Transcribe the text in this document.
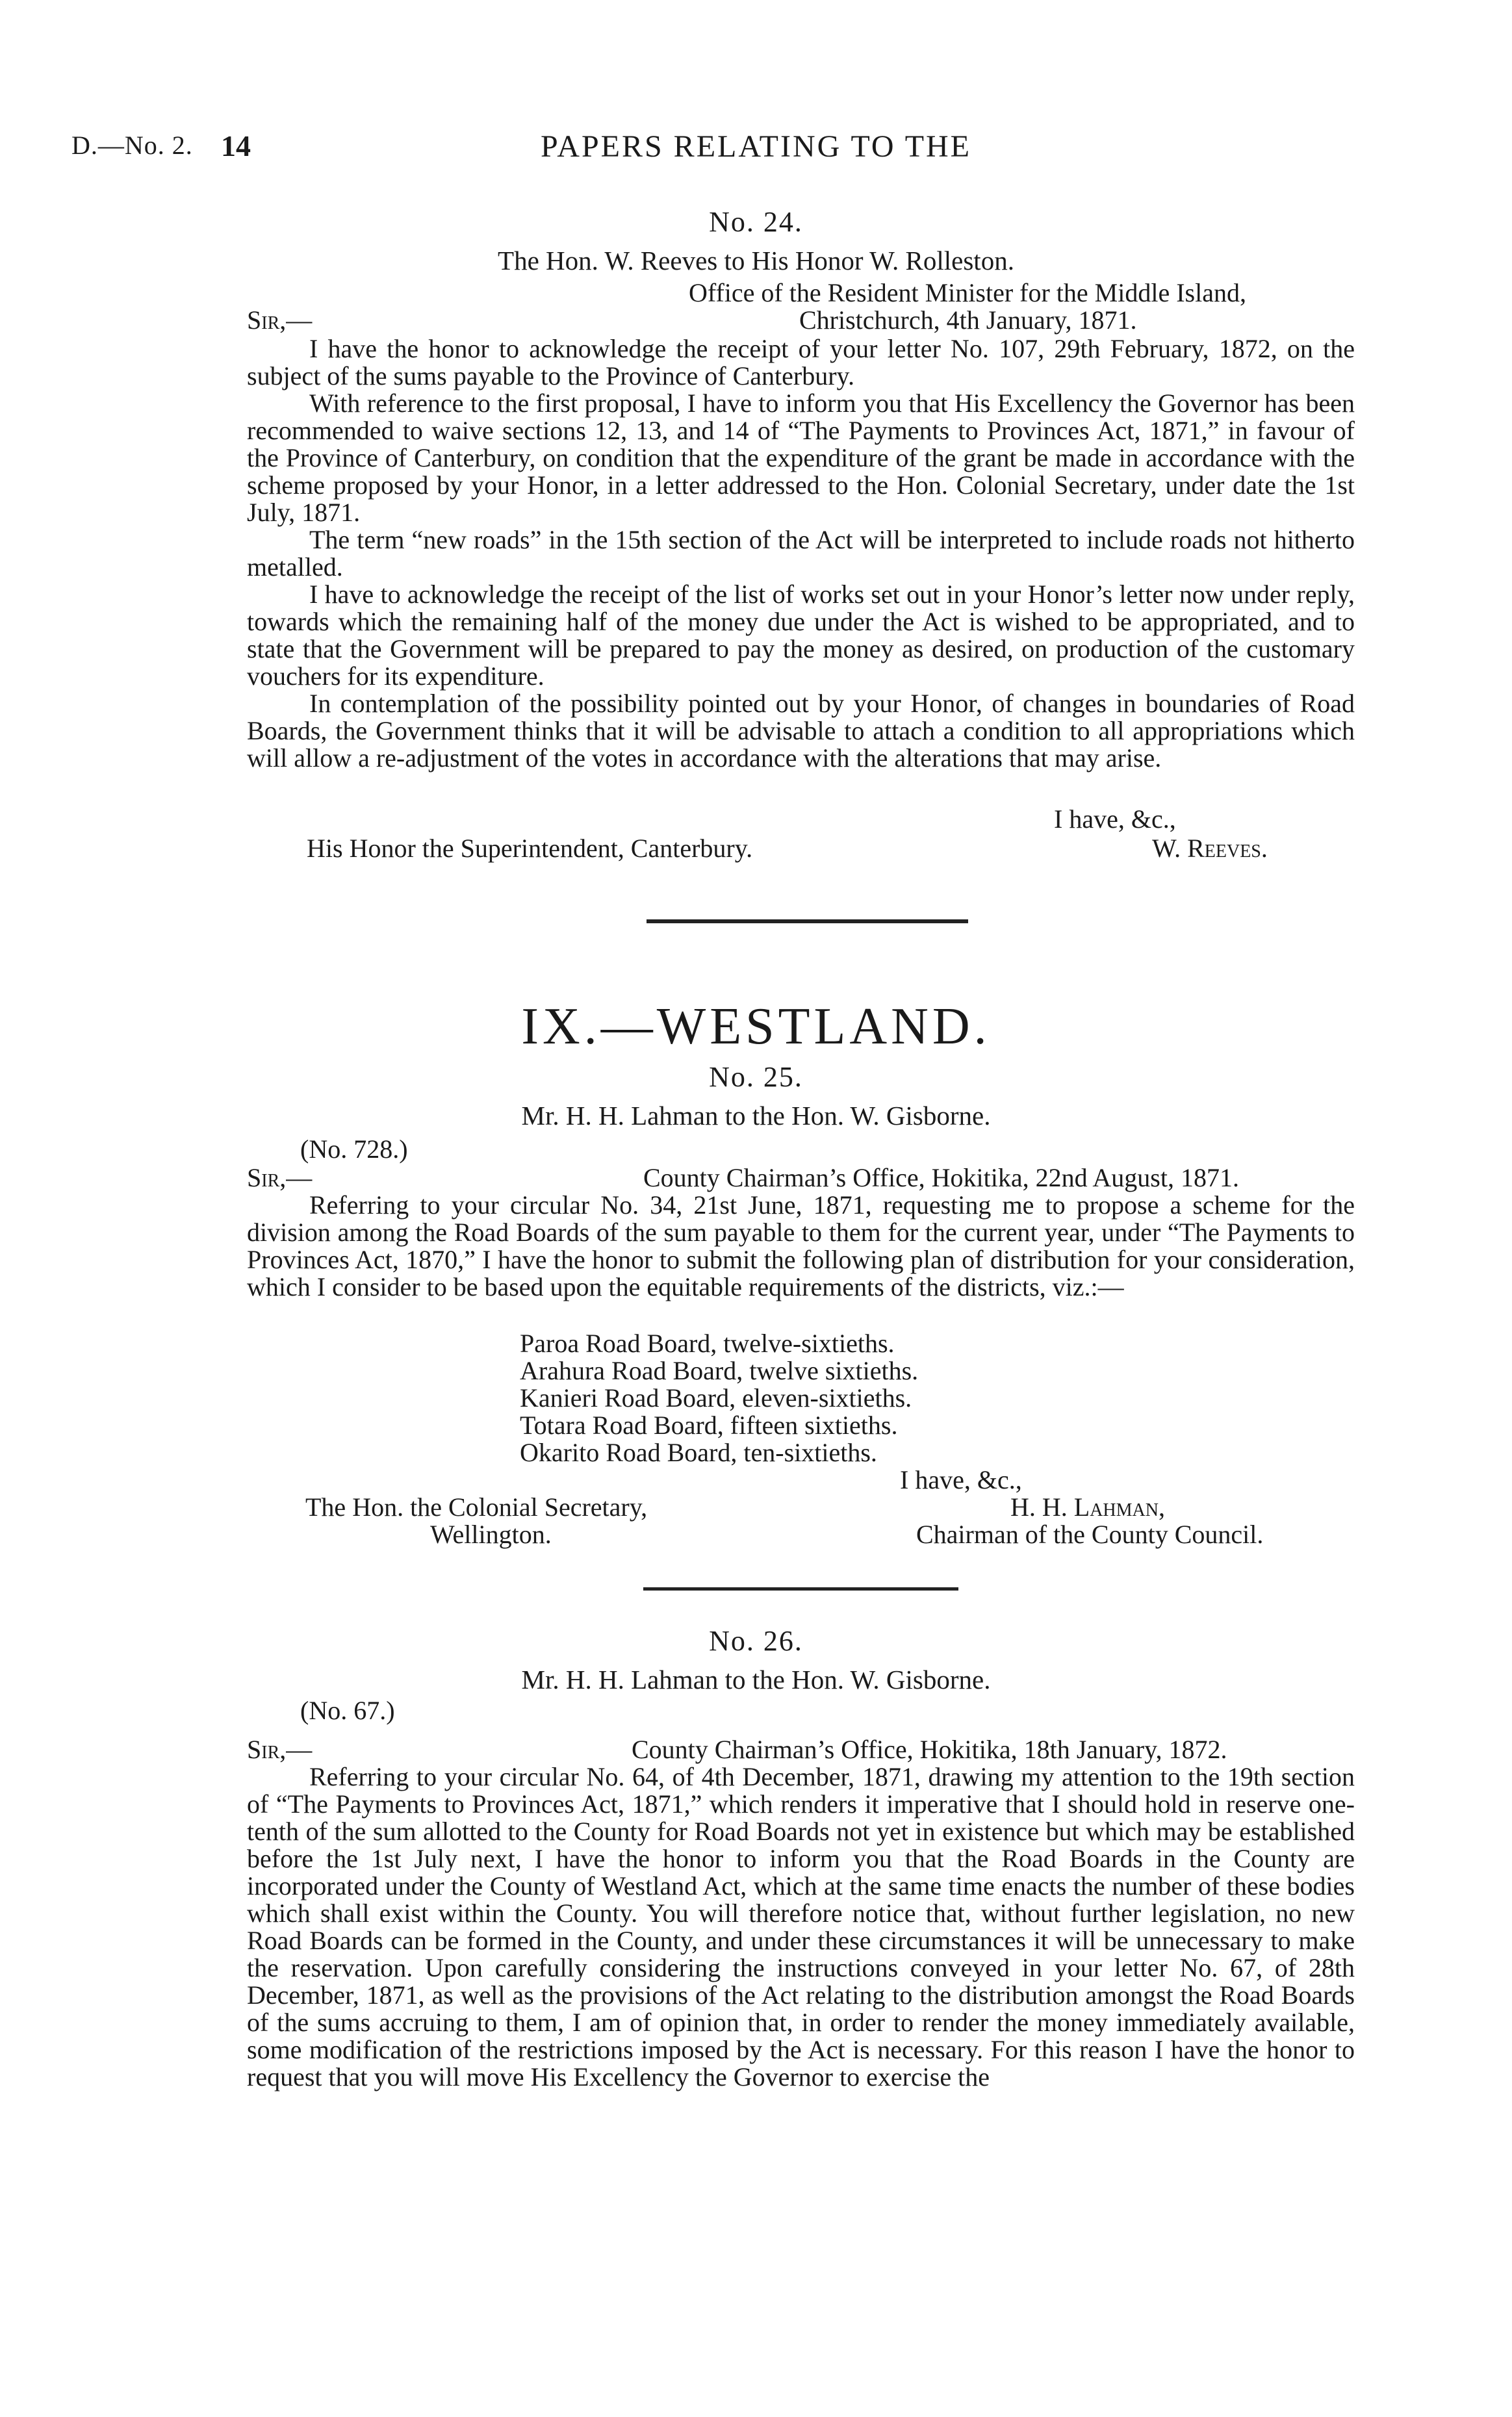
D.—No. 2. 14	PAPERS RELATING TO THE
No. 24.
The Hon. W. Reeves to His Honor W. Rolleston.
Office of the Resident Minister for the Middle Island,
Sir,—	Christchurch, 4th January, 1871.

I have the honor to acknowledge the receipt of your letter No. 107, 29th February, 1872, on the subject of the sums payable to the Province of Canterbury.

With reference to the first proposal, I have to inform you that His Excellency the Governor has been recommended to waive sections 12, 13, and 14 of “The Payments to Provinces Act, 1871,” in favour of the Province of Canterbury, on condition that the expenditure of the grant be made in accordance with the scheme proposed by your Honor, in a letter addressed to the Hon. Colonial Secretary, under date the 1st July, 1871.

The term “new roads” in the 15th section of the Act will be interpreted to include roads not hitherto metalled.

I have to acknowledge the receipt of the list of works set out in your Honor’s letter now under reply, towards which the remaining half of the money due under the Act is wished to be appropriated, and to state that the Government will be prepared to pay the money as desired, on production of the customary vouchers for its expenditure.

In contemplation of the possibility pointed out by your Honor, of changes in boundaries of Road Boards, the Government thinks that it will be advisable to attach a condition to all appropriations which will allow a re-adjustment of the votes in accordance with the alterations that may arise.

I have, &c.,
His Honor the Superintendent, Canterbury.	W. Reeves.
IX.—WESTLAND.
No. 25.
Mr. H. H. Lahman to the Hon. W. Gisborne.
(No. 728.)
Sir,—	County Chairman’s Office, Hokitika, 22nd August, 1871.

Referring to your circular No. 34, 21st June, 1871, requesting me to propose a scheme for the division among the Road Boards of the sum payable to them for the current year, under “The Payments to Provinces Act, 1870,” I have the honor to submit the following plan of distribution for your consideration, which I consider to be based upon the equitable requirements of the districts, viz.:—

Paroa Road Board, twelve-sixtieths.
Arahura Road Board, twelve sixtieths.
Kanieri Road Board, eleven-sixtieths.
Totara Road Board, fifteen sixtieths.
Okarito Road Board, ten-sixtieths.
I have, &c.,
The Hon. the Colonial Secretary,	H. H. Lahman,
Wellington.	Chairman of the County Council.
No. 26.
Mr. H. H. Lahman to the Hon. W. Gisborne.
(No. 67.)
Sir,—	County Chairman’s Office, Hokitika, 18th January, 1872.

Referring to your circular No. 64, of 4th December, 1871, drawing my attention to the 19th section of “The Payments to Provinces Act, 1871,” which renders it imperative that I should hold in reserve one-tenth of the sum allotted to the County for Road Boards not yet in existence but which may be established before the 1st July next, I have the honor to inform you that the Road Boards in the County are incorporated under the County of Westland Act, which at the same time enacts the number of these bodies which shall exist within the County. You will therefore notice that, without further legislation, no new Road Boards can be formed in the County, and under these circumstances it will be unnecessary to make the reservation. Upon carefully considering the instructions conveyed in your letter No. 67, of 28th December, 1871, as well as the provisions of the Act relating to the distribution amongst the Road Boards of the sums accruing to them, I am of opinion that, in order to render the money immediately available, some modification of the restrictions imposed by the Act is necessary. For this reason I have the honor to request that you will move His Excellency the Governor to exercise the
